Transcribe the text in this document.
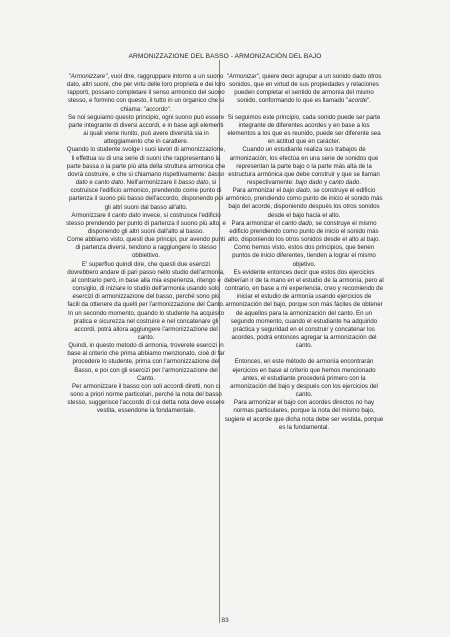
ARMONIZZAZIONE DEL BASSO - ARMONIZACIÓN DEL BAJO

"Armonizzare", vuol dire, raggruppare intorno a un suono dato, altri suoni, che per virtù delle loro proprietà e dei loro rapporti, possano completare il senso armonico del suono stesso, e formino con questo, il tutto in un organico che si chiama: "accordo".

Se noi seguiamo questo principio, ogni suono può essere parte integrante di diversi accordi, e in base agli elementi ai quali viene riunito, può avere diversità sia in atteggiamento che in carattere.

Quando lo studente svolge i suoi lavori di armonizzazione, li effettua su di una serie di suoni che rappresentano la parte bassa o la parte più alta della struttura armonica che dovrà costruire, e che si chiamano rispettivamente: basso dato e canto dato. Nell'armonizzare il basso dato, si costruisce l'edificio armonico, prendendo come punto di partenza il suono più basso dell'accordo, disponendo poi gli altri suoni dal basso all'alto.

Armonizzare il canto dato invece, si costruisce l'edificio stesso prendendo per punto di partenza il suono più alto, e disponendo gli altri suoni dall'alto al basso.

Come abbiamo visto, questi due principi, pur avendo punti di partenza diversi, tendono a raggiungere lo stesso obbiettivo.

E' superfluo quindi dire, che questi due esercizi dovrebbero andare di pari passo nello studio dell'armonia, al contrario però, in base alla mia esperienza, ritengo e consiglio, di iniziare lo studio dell'armonia usando solo esercizi di armonizzazione del basso, perché sono più facili da ottenere da quelli per l'armonizzazione del Canto. In un secondo momento, quando lo studente ha acquisito pratica e sicurezza nel costruire e nel concatenare gli accordi, potrà allora aggiungere l'armonizzazione del canto.

Quindi, in questo metodo di armonia, troverete esercizi in base al criterio che prima abbiamo menzionato, cioè di far procedere lo studente, prima con l'armonizzazione del Basso, e poi con gli esercizi per l'armonizzazione del Canto.

Per armonizzare il basso con soli accordi diretti, non ci sono a priori norme particolari, perché la nota del basso stesso, suggerisce l'accordo di cui detta nota deve essere vestita, essendone la fondamentale.

"Armonizar", quiere decir agrupar a un sonido dado otros sonidos, que en virtud de sus propiedades y relaciones pueden completar el sentido de armonía del mismo sonido, conformando lo que es llamado "acorde".

Si seguimos este principio, cada sonido puede ser parte integrante de diferentes acordes y en base a los elementos a los que es reunido, puede ser diferente sea en actitud que en carácter.

Cuando un estudiante realiza sus trabajos de armonización, los efectúa en una serie de sonidos que representan la parte bajo o la parte más alta de la estructura armónica que debe construir y que se llaman respectivamente: bajo dado y canto dado.

Para armonizar el bajo dado, se construye el edificio armónico, prendiendo como punto de inicio el sonido más bajo del acorde, disponiendo después los otros sonidos desde el bajo hacia el alto.

Para armonizar el canto dado, se construye el mismo edificio prendiendo como punto de inicio el sonido más alto, disponiendo los otros sonidos desde el alto al bajo.

Como hemos visto, estos dos principios, que tienen puntos de inicio diferentes, tienden a lograr el mismo objetivo.

Es evidente entonces decir que estos dos ejercicios deberían ir de la mano en el estudio de la armonía, pero al contrario, en base a mi experiencia, creo y recomiendo de iniciar el estudio de armonía usando ejercicios de armonización del bajo, porque son más fáciles de obtener de aquellos para la armonización del canto. En un segundo momento, cuando el estudiante ha adquirido práctica y seguridad en el construir y concatenar los acordes, podrá entonces agregar la armonización del canto.

Entonces, en este método de armonía encontrarán ejercicios en base al criterio que hemos mencionado antes, el estudiante procederá primero con la armonización del bajo y después con los ejercicios del canto.

Para armonizar el bajo con acordes directos no hay normas particulares, porque la nota del mismo bajo, sugiere el acorde que dicha nota debe ser vestida, porque es la fundamental.

83
